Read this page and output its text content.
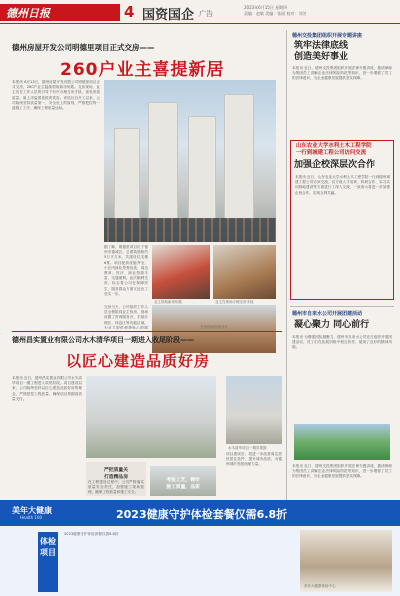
德州日报	4 国资国企 广告
2023年6月15日 星期四
责编：赵敏 美编：张丽 校对：刘芳
德州房屋开发公司明德里项目正式交房——
260户业主喜提新居
本报讯 6月13日，德州房屋开发有限公司明德里项目正式交房，260户业主陆续领取新房钥匙。交房现场，业主们在工作人员的引导下有序办理交房手续，查验房屋质量，脸上洋溢着喜悦的笑容。该项目自开工以来，公司始终坚持质量第一、安全至上的原则，严格把控每一道施工工序，确保工程质量达标。
据了解，明德里项目位于德州市德城区，总建筑面积约5万平方米，共建设住宅楼6栋。项目配套设施齐全，小区内绿化景观优美，周边教育、医疗、商业资源丰富，交通便利。此次顺利交房，标志着公司在保障民生、服务群众方面又迈出了坚实一步。
业主领取新房钥匙	业主在现场办理交房手续
交房当天，公司组织工作人员全程陪同业主验房，现场设置了咨询服务台、手续办理区、休息区等功能区域，为业主提供便捷贴心的服	交房现场热闹非凡
德州交投集团组织开展专题讲座
筑牢法律底线
创造美好事业
本报讯 近日，德州交投集团组织开展法律专题讲座，邀请律师为集团员工讲解企业法律风险防范等知识，进一步增强了员工的法律意识，为企业健康发展提供坚实保障。
山东农业大学水利土木工程学院
一行到城建工程公司访问交流
加强企校深层次合作
本报讯 近日，山东农业大学水利土木工程学院一行到德州城建工程公司访问交流，双方就人才培养、科研合作、实习实训基地建设等方面进行了深入交流，一致表示将进一步加强企校合作，实现互利共赢。
德州市自来水公司开展团建活动
凝心聚力 同心前行
本报讯 为增强团队凝聚力，德州市自来水公司近日组织开展团建活动，员工们在拓展训练中相互协作，展现了良好的精神风貌。
本报讯 近日，德州交投集团组织开展法律专题讲座，邀请律师为集团员工讲解企业法律风险防范等知识，进一步增强了员工的法律意识，为企业健康发展提供坚实保障。
德州昌实置业有限公司水木清华项目一期进入收尾阶段——
以匠心建造品质好房
本报讯 近日，德州昌实置业有限公司水木清华项目一期工程进入收尾阶段。项目建设以来，公司始终坚持以匠心建造品质好房的理念，严格把控工程质量，确保项目按期高质量交付。
水木清华项目一期效果图
项目建成后，将进一步改善周边居民居住条件，提升城市品质，为德州城市发展贡献力量。
严把质量关
打造精品房
在工程建设过程中，公司严格落实质量安全责任，加强施工现场管理，确保工程质量和施工安全。
考验工艺，铸牢
施工质量，品质
美年大健康
Health 100	2023健康守护体检套餐仅需6.8折
体检项目
2023健康守护体检套餐仅需6.8折
美年大健康体检中心
